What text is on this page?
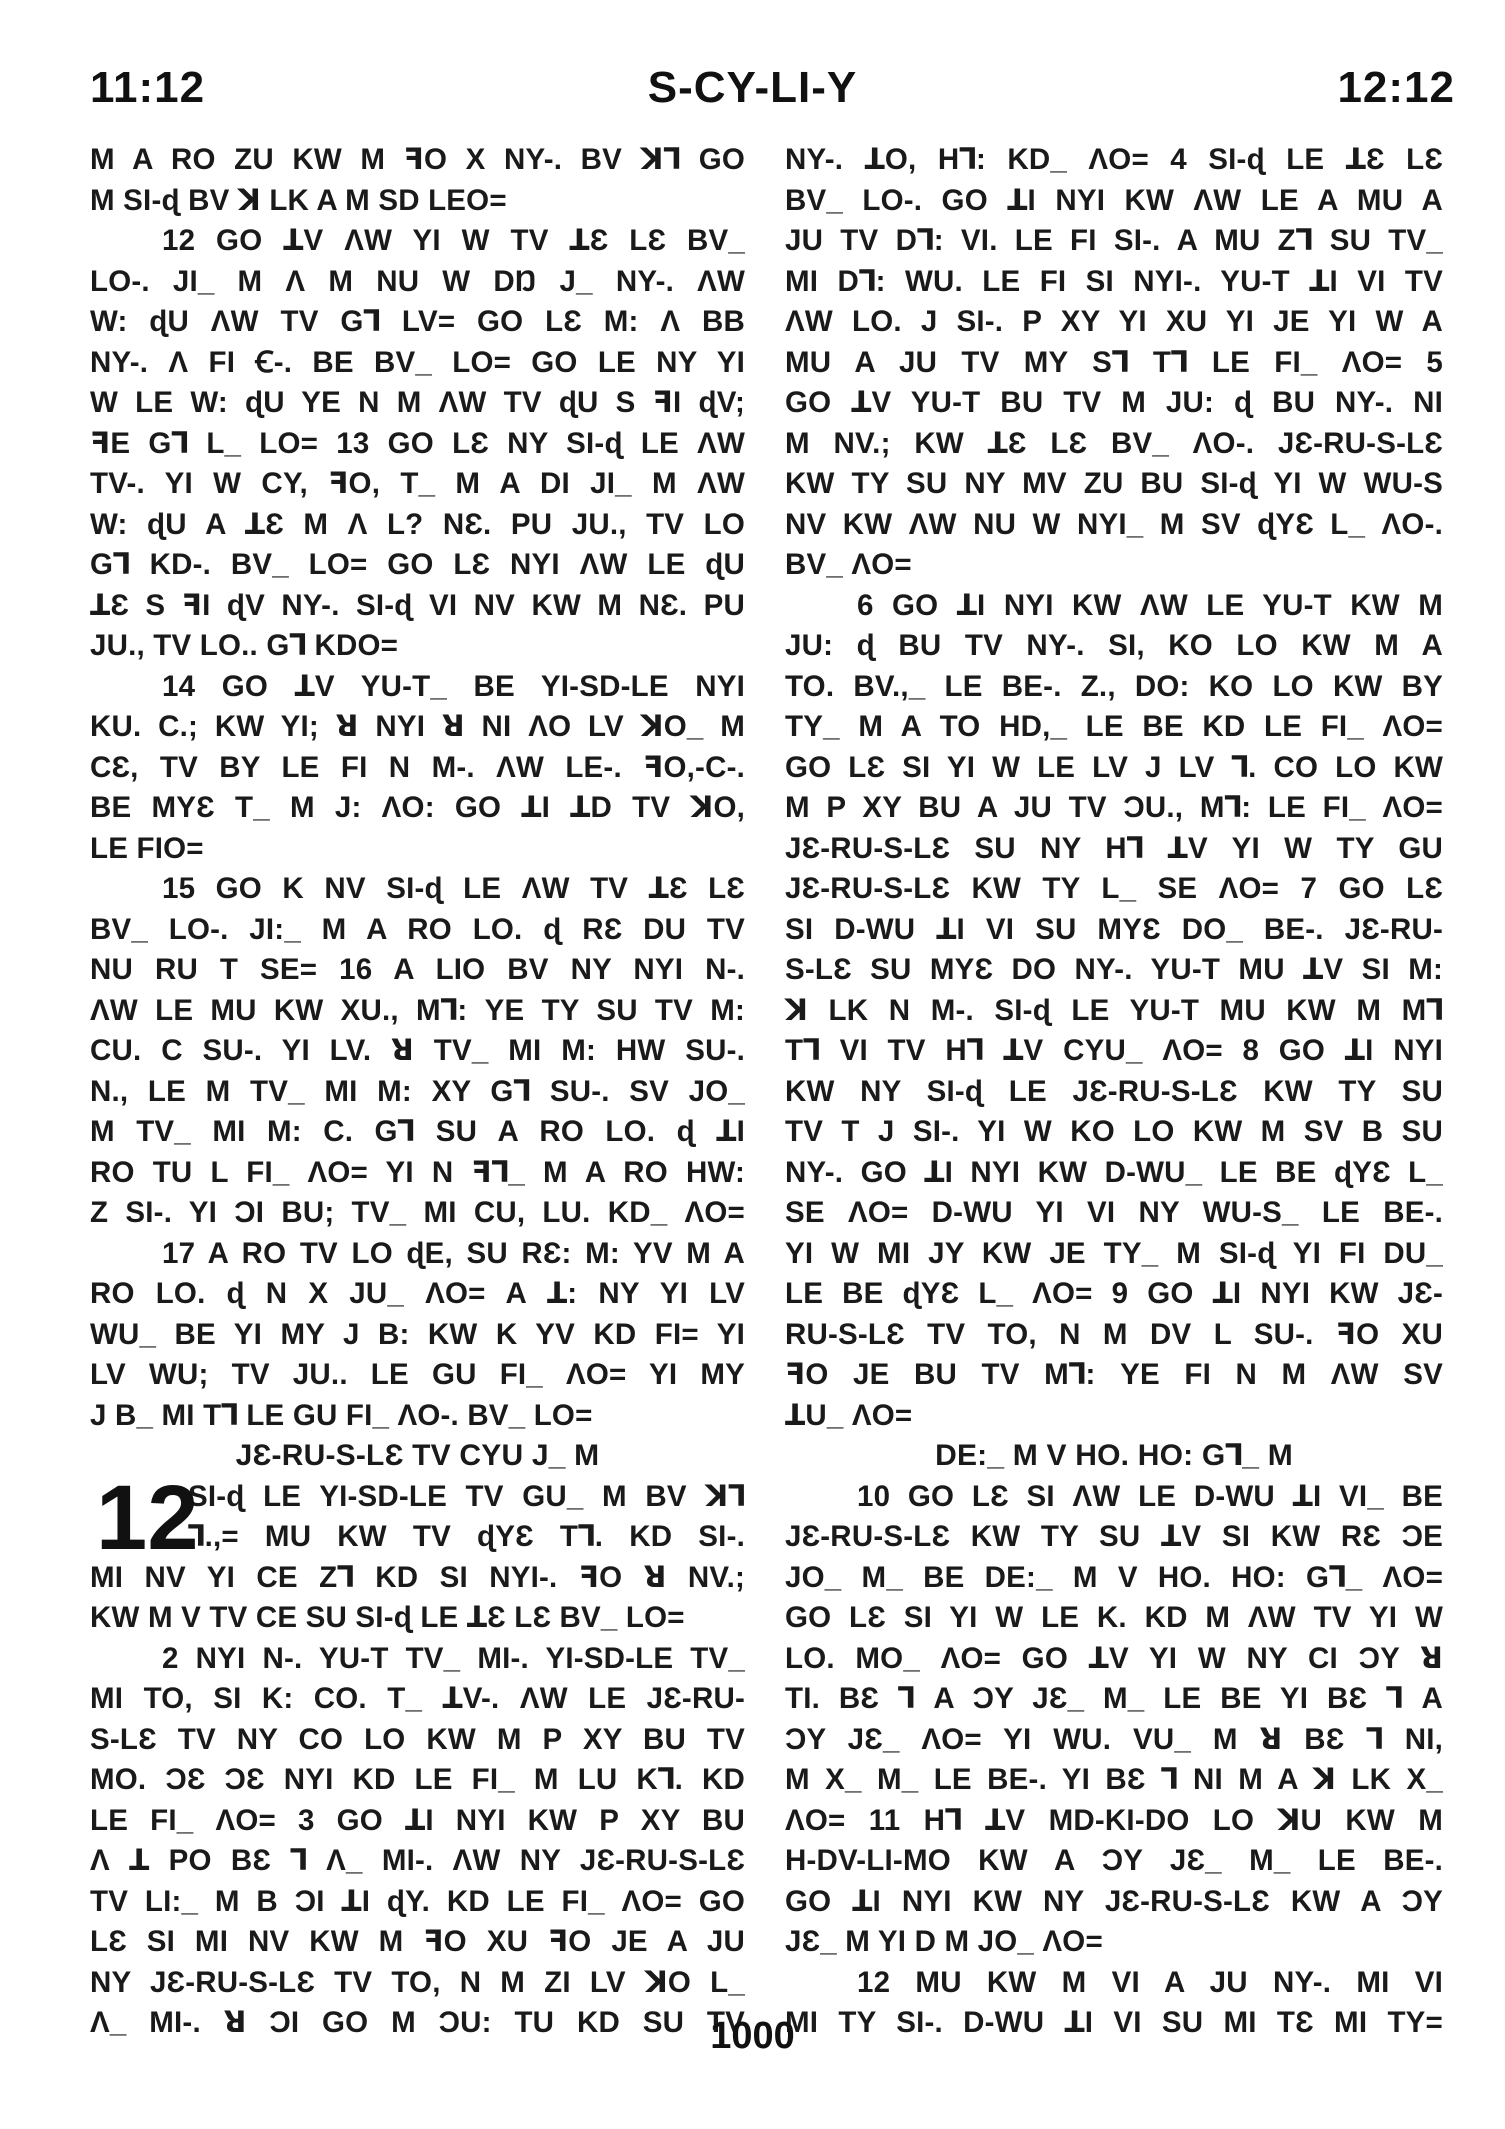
11:12	S-CY-LI-Y	12:12
M A RO ZU KW M ꟻO X NY-. BV ꓘꓶ GO
M SI-ɖ BV ꓘ LK A M SD LEO=
12 GO ꓕV ΛW YI W TV ꓕƐ LƐ BV_
LO-. JI_ M Λ M NU W DŊ J_ NY-. ΛW
W: ɖU ΛW TV Gꓶ LV= GO LƐ M: Λ BB
NY-. Λ FI Ꞓ-. BE BV_ LO= GO LE NY YI
W LE W: ɖU YE N M ΛW TV ɖU S ꟻI ɖV;
ꟻE Gꓶ L_ LO= 13 GO LƐ NY SI-ɖ LE ΛW
TV-. YI W CY, ꟻO, T_ M A DI JI_ M ΛW
W: ɖU A ꓕƐ M Λ L? NƐ. PU JU., TV LO
Gꓶ KD-. BV_ LO= GO LƐ NYI ΛW LE ɖU
ꓕƐ S ꟻI ɖV NY-. SI-ɖ VI NV KW M NƐ. PU
JU., TV LO.. Gꓶ KDO=
14 GO ꓕV YU-T_ BE YI-SD-LE NYI
KU. C.; KW YI; ꓤ NYI ꓤ NI ΛO LV ꓘO_ M
CƐ, TV BY LE FI N M-. ΛW LE-. ꟻO,-C-.
BE MYƐ T_ M J: ΛO: GO ꓕI ꓕD TV ꓘO,
LE FIO=
15 GO K NV SI-ɖ LE ΛW TV ꓕƐ LƐ
BV_ LO-. JI:_ M A RO LO. ɖ RƐ DU TV
NU RU T SE= 16 A LIO BV NY NYI N-.
ΛW LE MU KW XU., Mꓶ: YE TY SU TV M:
CU. C SU-. YI LV. ꓤ TV_ MI M: HW SU-.
N., LE M TV_ MI M: XY Gꓶ SU-. SV JO_
M TV_ MI M: C. Gꓶ SU A RO LO. ɖ ꓕI
RO TU L FI_ ΛO= YI N ꟻꓶ_ M A RO HW:
Z SI-. YI ƆI BU; TV_ MI CU, LU. KD_ ΛO=
17 A RO TV LO ɖE, SU RƐ: M: YV M A
RO LO. ɖ N X JU_ ΛO= A ꓕ: NY YI LV
WU_ BE YI MY J B: KW K YV KD FI= YI
LV WU; TV JU.. LE GU FI_ ΛO= YI MY
J B_ MI Tꓶ LE GU FI_ ΛO-. BV_ LO=
JƐ-RU-S-LƐ TV CYU J_ M
12
SI-ɖ LE YI-SD-LE TV GU_ M BV ꓘꓶ
ꓶ.,= MU KW TV ɖYƐ Tꓶ. KD SI-.
MI NV YI CE Zꓶ KD SI NYI-. ꟻO ꓤ NV.;
KW M V TV CE SU SI-ɖ LE ꓕƐ LƐ BV_ LO=
2 NYI N-. YU-T TV_ MI-. YI-SD-LE TV_
MI TO, SI K: CO. T_ ꓕV-. ΛW LE JƐ-RU-
S-LƐ TV NY CO LO KW M P XY BU TV
MO. ƆƐ ƆƐ NYI KD LE FI_ M LU Kꓶ. KD
LE FI_ ΛO= 3 GO ꓕI NYI KW P XY BU
Λ ꓕ PO BƐ ꓶ Λ_ MI-. ΛW NY JƐ-RU-S-LƐ
TV LI:_ M B ƆI ꓕI ɖY. KD LE FI_ ΛO= GO
LƐ SI MI NV KW M ꟻO XU ꟻO JE A JU
NY JƐ-RU-S-LƐ TV TO, N M ZI LV ꓘO L_
Λ_ MI-. ꓤ ƆI GO M ƆU: TU KD SU TV
NY-. ꓕO, Hꓶ: KD_ ΛO= 4 SI-ɖ LE ꓕƐ LƐ
BV_ LO-. GO ꓕI NYI KW ΛW LE A MU A
JU TV Dꓶ: VI. LE FI SI-. A MU Zꓶ SU TV_
MI Dꓶ: WU. LE FI SI NYI-. YU-T ꓕI VI TV
ΛW LO. J SI-. P XY YI XU YI JE YI W A
MU A JU TV MY Sꓶ Tꓶ LE FI_ ΛO= 5
GO ꓕV YU-T BU TV M JU: ɖ BU NY-. NI
M NV.; KW ꓕƐ LƐ BV_ ΛO-. JƐ-RU-S-LƐ
KW TY SU NY MV ZU BU SI-ɖ YI W WU-S
NV KW ΛW NU W NYI_ M SV ɖYƐ L_ ΛO-.
BV_ ΛO=
6 GO ꓕI NYI KW ΛW LE YU-T KW M
JU: ɖ BU TV NY-. SI, KO LO KW M A
TO. BV.,_ LE BE-. Z., DO: KO LO KW BY
TY_ M A TO HD,_ LE BE KD LE FI_ ΛO=
GO LƐ SI YI W LE LV J LV ꓶ. CO LO KW
M P XY BU A JU TV ƆU., Mꓶ: LE FI_ ΛO=
JƐ-RU-S-LƐ SU NY Hꓶ ꓕV YI W TY GU
JƐ-RU-S-LƐ KW TY L_ SE ΛO= 7 GO LƐ
SI D-WU ꓕI VI SU MYƐ DO_ BE-. JƐ-RU-
S-LƐ SU MYƐ DO NY-. YU-T MU ꓕV SI M:
ꓘ LK N M-. SI-ɖ LE YU-T MU KW M Mꓶ
Tꓶ VI TV Hꓶ ꓕV CYU_ ΛO= 8 GO ꓕI NYI
KW NY SI-ɖ LE JƐ-RU-S-LƐ KW TY SU
TV T J SI-. YI W KO LO KW M SV B SU
NY-. GO ꓕI NYI KW D-WU_ LE BE ɖYƐ L_
SE ΛO= D-WU YI VI NY WU-S_ LE BE-.
YI W MI JY KW JE TY_ M SI-ɖ YI FI DU_
LE BE ɖYƐ L_ ΛO= 9 GO ꓕI NYI KW JƐ-
RU-S-LƐ TV TO, N M DV L SU-. ꟻO XU
ꟻO JE BU TV Mꓶ: YE FI N M ΛW SV
ꓕU_ ΛO=
DE:_ M V HO. HO: Gꓶ_ M
10 GO LƐ SI ΛW LE D-WU ꓕI VI_ BE
JƐ-RU-S-LƐ KW TY SU ꓕV SI KW RƐ ƆE
JO_ M_ BE DE:_ M V HO. HO: Gꓶ_ ΛO=
GO LƐ SI YI W LE K. KD M ΛW TV YI W
LO. MO_ ΛO= GO ꓕV YI W NY CI ƆY ꓤ
TI. BƐ ꓶ A ƆY JƐ_ M_ LE BE YI BƐ ꓶ A
ƆY JƐ_ ΛO= YI WU. VU_ M ꓤ BƐ ꓶ NI,
M X_ M_ LE BE-. YI BƐ ꓶ NI M A ꓘ LK X_
ΛO= 11 Hꓶ ꓕV MD-KI-DO LO ꓘU KW M
H-DV-LI-MO KW A ƆY JƐ_ M_ LE BE-.
GO ꓕI NYI KW NY JƐ-RU-S-LƐ KW A ƆY
JƐ_ M YI D M JO_ ΛO=
12 MU KW M VI A JU NY-. MI VI
MI TY SI-. D-WU ꓕI VI SU MI TƐ MI TY=
1000
